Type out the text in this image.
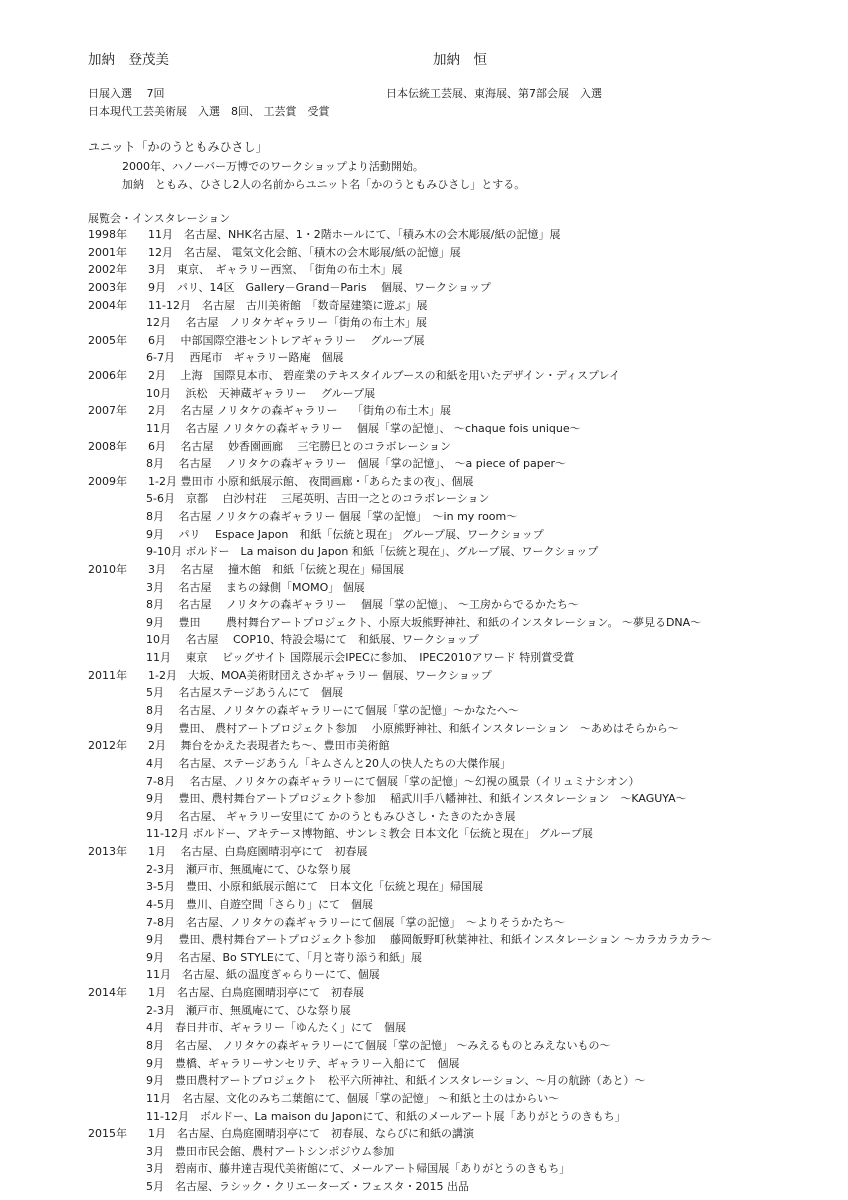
加納　登茂美	加納　恒
日展入選　 7回	日本伝統工芸展、東海展、第7部会展　入選
日本現代工芸美術展　入選　8回、 工芸賞　受賞
ユニット「かのうともみひさし」
2000年、ハノーバー万博でのワークショップより活動開始。
加納　ともみ、ひさし2人の名前からユニット名「かのうともみひさし」とする。
展覧会・インスタレーション
1998年 11月　名古屋、NHK名古屋、1・2階ホールにて、「積み木の会木彫展/紙の記憶」展
2001年 12月　名古屋、 電気文化会館、「積木の会木彫展/紙の記憶」展
2002年 3月　東京、　ギャラリー西窯、　「街角の布土木」展
2003年 9月　パリ、14区　Gallery－Grand－Paris　 個展、ワークショップ
2004年 11-12月　名古屋　古川美術館　「数奇屋建築に遊ぶ」展
12月　 名古屋　ノリタケギャラリー「街角の布土木」展
2005年 6月　 中部国際空港セントレアギャラリー　 グループ展
6-7月　 西尾市　ギャラリー路庵　個展
2006年 2月　 上海　国際見本市、 碧産業のテキスタイルブースの和紙を用いたデザイン・ディスプレイ
10月　 浜松　天神蔵ギャラリー　 グループ展
2007年 2月　 名古屋 ノリタケの森ギャラリー　 「街角の布土木」展
11月　 名古屋 ノリタケの森ギャラリー　 個展「掌の記憶」、 ～chaque fois unique～
2008年 6月　 名古屋　 妙香園画廊　 三宅勝巳とのコラボレーション
8月　 名古屋　 ノリタケの森ギャラリー　個展「掌の記憶」、 ～a piece of paper～
2009年 1-2月 豊田市 小原和紙展示館、 夜間画廊・「あらたまの夜」、個展
5-6月　京都　 白沙村荘　 三尾英明、吉田一之とのコラボレーション
8月　 名古屋 ノリタケの森ギャラリー 個展「掌の記憶」　～in my room～
9月　 パリ　 Espace Japon　和紙「伝統と現在」 グループ展、ワークショップ
9-10月 ボルドー　La maison du Japon 和紙「伝統と現在」、グループ展、ワークショップ
2010年 3月　 名古屋　 撞木館　和紙「伝統と現在」帰国展
3月　 名古屋　 まちの縁側「MOMO」 個展
8月　 名古屋　 ノリタケの森ギャラリー　 個展「掌の記憶」、 ～工房からでるかたち～
9月　 豊田　　 農村舞台アートプロジェクト、小原大坂熊野神社、和紙のインスタレーション。 ～夢見るDNA～
10月　 名古屋　 COP10、特設会場にて　和紙展、ワークショップ
11月　 東京　 ビッグサイト 国際展示会IPECに参加、　IPEC2010アワード 特別賞受賞
2011年 1-2月　大坂、MOA美術財団えさかギャラリー 個展、ワークショップ
5月　 名古屋ステージあうんにて　個展
8月　 名古屋、ノリタケの森ギャラリーにて個展「掌の記憶」～かなたへ～
9月　 豊田、 農村アートプロジェクト参加　 小原熊野神社、和紙インスタレーション　～あめはそらから～
2012年 2月　 舞台をかえた表現者たち～、豊田市美術館
4月　 名古屋、ステージあうん「キムさんと20人の快人たちの大傑作展」
7-8月　 名古屋、ノリタケの森ギャラリーにて個展「掌の記憶」～幻視の風景（イリュミナシオン）
9月　 豊田、農村舞台アートプロジェクト参加　 稲武川手八幡神社、和紙インスタレーション　～KAGUYA～
9月　 名古屋、 ギャラリー安里にて かのうともみひさし・たきのたかき展
11-12月 ボルドー、アキテーヌ博物館、サンレミ教会 日本文化「伝統と現在」 グループ展
2013年 1月　 名古屋、白鳥庭園晴羽亭にて　初春展
2-3月　瀬戸市、無風庵にて、ひな祭り展
3-5月　豊田、小原和紙展示館にて　日本文化「伝統と現在」帰国展
4-5月　豊川、自遊空間「さらり」にて　個展
7-8月　名古屋、ノリタケの森ギャラリーにて個展「掌の記憶」　～よりそうかたち～
9月　 豊田、農村舞台アートプロジェクト参加　 藤岡飯野町秋葉神社、和紙インスタレーション ～カラカラカラ～
9月　 名古屋、Bo STYLEにて、「月と寄り添う和紙」展
11月　名古屋、紙の温度ぎゃらりーにて、個展
2014年 1月　名古屋、白鳥庭園晴羽亭にて　初春展
2-3月　瀬戸市、無風庵にて、ひな祭り展
4月　春日井市、ギャラリー「ゆんたく」にて　個展
8月　名古屋、 ノリタケの森ギャラリーにて個展「掌の記憶」 ～みえるものとみえないもの～
9月　豊橋、ギャラリーサンセリテ、ギャラリー入船にて　個展
9月　豊田農村アートプロジェクト　松平六所神社、和紙インスタレーション、～月の航跡（あと）～
11月　名古屋、文化のみち二葉館にて、個展「掌の記憶」 ～和紙と土のはからい～
11-12月　ボルドー、La maison du Japonにて、和紙のメールアート展「ありがとうのきもち」
2015年 1月　名古屋、白鳥庭園晴羽亭にて　初春展、ならびに和紙の講演
3月　豊田市民会館、農村アートシンポジウム参加
3月　碧南市、藤井達吉現代美術館にて、メールアート帰国展「ありがとうのきもち」
5月　名古屋、ラシック・クリエーターズ・フェスタ・2015 出品
